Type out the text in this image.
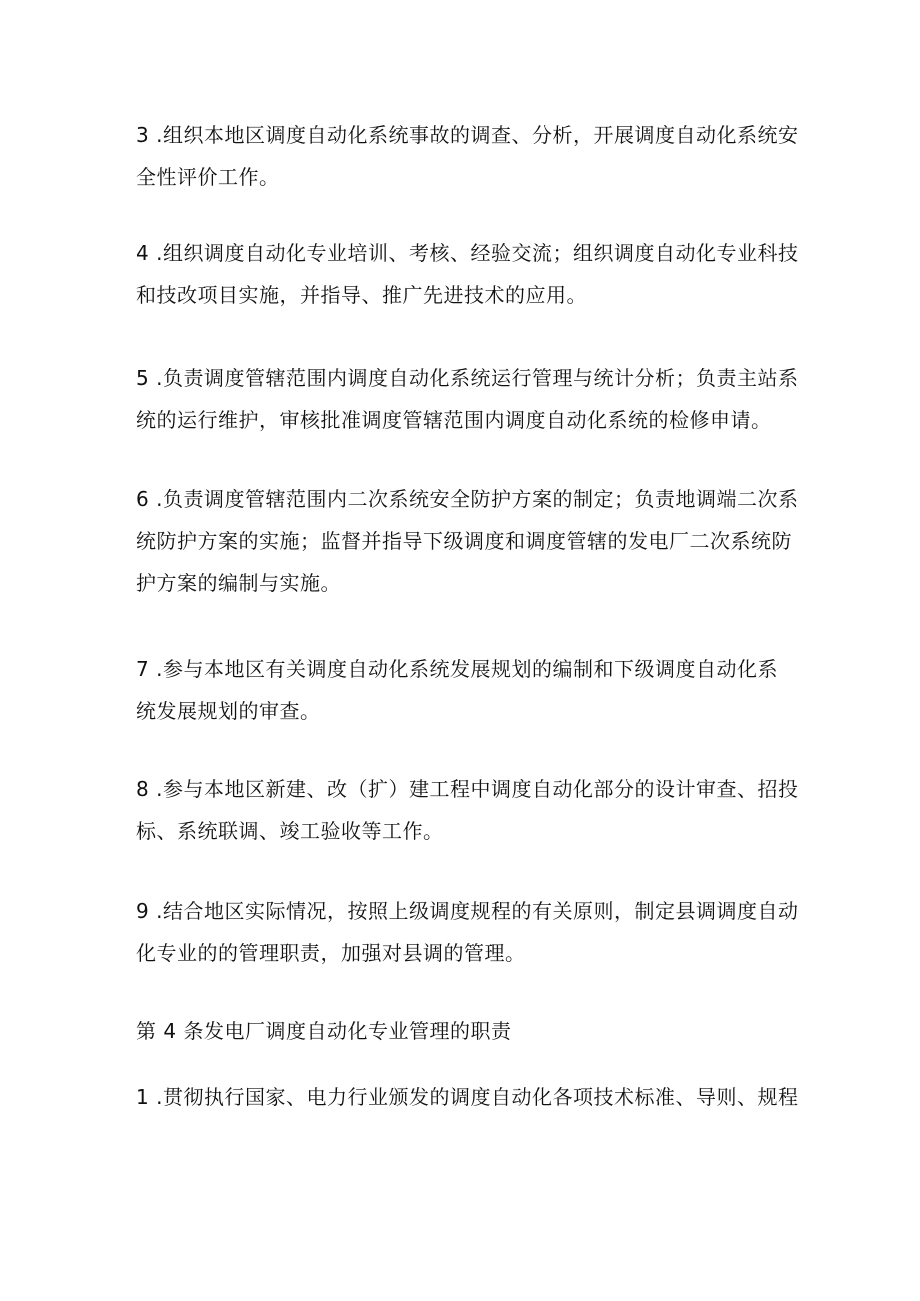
3 .组织本地区调度自动化系统事故的调查、分析，开展调度自动化系统安
全性评价工作。

4 .组织调度自动化专业培训、考核、经验交流；组织调度自动化专业科技
和技改项目实施，并指导、推广先进技术的应用。

5 .负责调度管辖范围内调度自动化系统运行管理与统计分析；负责主站系
统的运行维护，审核批准调度管辖范围内调度自动化系统的检修申请。

6 .负责调度管辖范围内二次系统安全防护方案的制定；负责地调端二次系
统防护方案的实施；监督并指导下级调度和调度管辖的发电厂二次系统防
护方案的编制与实施。

7 .参与本地区有关调度自动化系统发展规划的编制和下级调度自动化系
统发展规划的审查。

8 .参与本地区新建、改（扩）建工程中调度自动化部分的设计审查、招投
标、系统联调、竣工验收等工作。

9 .结合地区实际情况，按照上级调度规程的有关原则，制定县调调度自动
化专业的的管理职责，加强对县调的管理。

第 4 条发电厂调度自动化专业管理的职责

1 .贯彻执行国家、电力行业颁发的调度自动化各项技术标准、导则、规程
